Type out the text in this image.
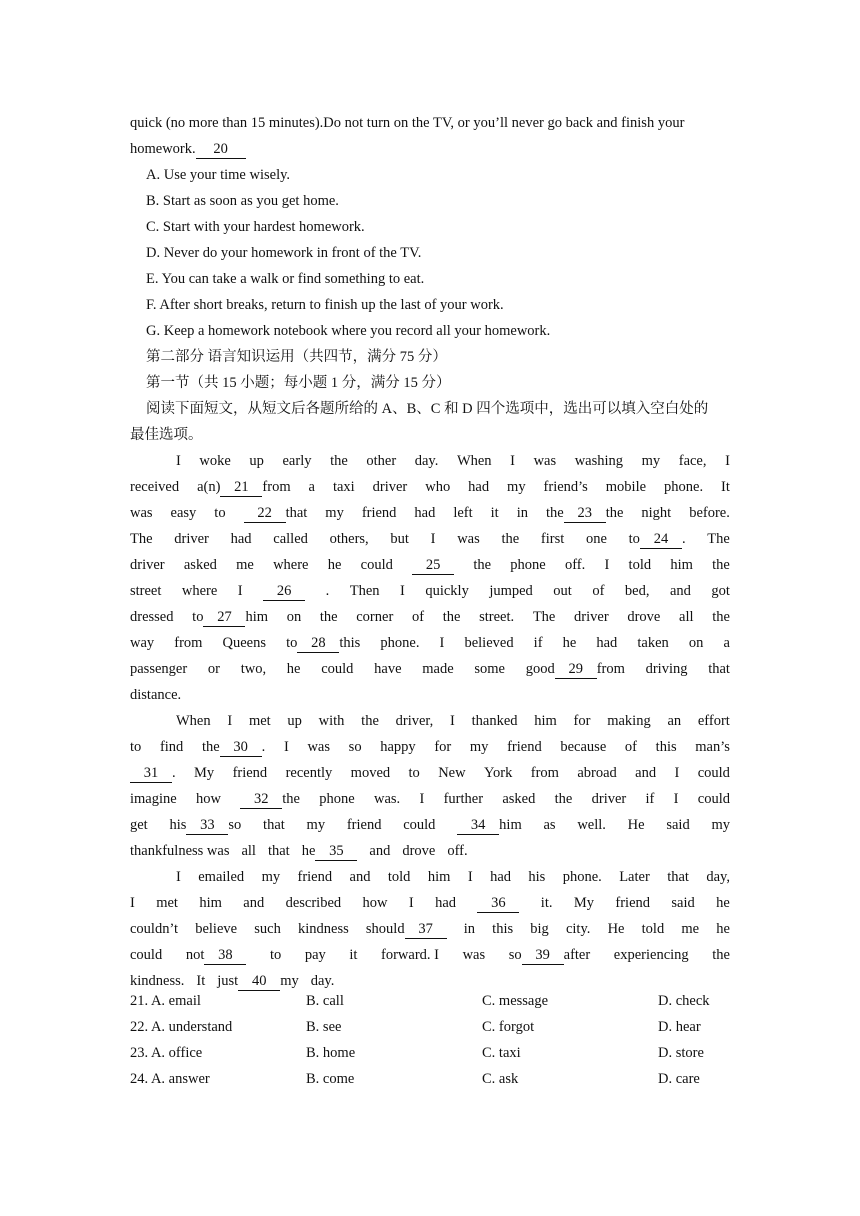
quick (no more than 15 minutes).Do not turn on the TV, or you’ll never go back and finish your
homework. 20
A. Use your time wisely.
B. Start as soon as you get home.
C. Start with your hardest homework.
D. Never do your homework in front of the TV.
E. You can take a walk or find something to eat.
F. After short breaks, return to finish up the last of your work.
G. Keep a homework notebook where you record all your homework.
第二部分 语言知识运用（共四节，满分 75 分）
第一节（共 15 小题；每小题 1 分，满分 15 分）
阅读下面短文，从短文后各题所给的 A、B、C 和 D 四个选项中，选出可以填入空白处的
最佳选项。
I woke up early the other day. When I was washing my face, I
received a(n) 21 from a taxi driver who had my friend’s mobile phone. It
was easy to	22 that my friend had left it in the 23 the night before.
The driver had called others, but I was the first one to 24 . The
driver asked me where he could	25	the phone off. I told him the
street where I	26	. Then I quickly jumped out of bed, and got
dressed to 27 him on the corner of the street. The driver drove all the
way from Queens to 28 this phone. I believed if he had taken on a
passenger or two, he could have made some good 29 from driving that
distance.
When I met up with the driver, I thanked him for making an effort
to find the 30 . I was so happy for my friend because of this man’s
31 . My friend recently moved to New York from abroad and I could
imagine how	32 the phone was. I further asked the driver if I could
get his 33 so that my friend could	34 him as well. He said my
thankfulness was all that he 35 and drove off.
I emailed my friend and told him I had his phone. Later that day,
I met him and described how I had	36	it. My friend said he
couldn’t believe such kindness should 37	in this big city. He told me he
could not 38	to pay it forward. I was so 39 after experiencing the
kindness. It just 40 my day.
21. A. email	B. call	C. message	D. check
22. A. understand	B. see	C. forgot	D. hear
23. A. office	B. home	C. taxi	D. store
24. A. answer	B. come	C. ask	D. care
